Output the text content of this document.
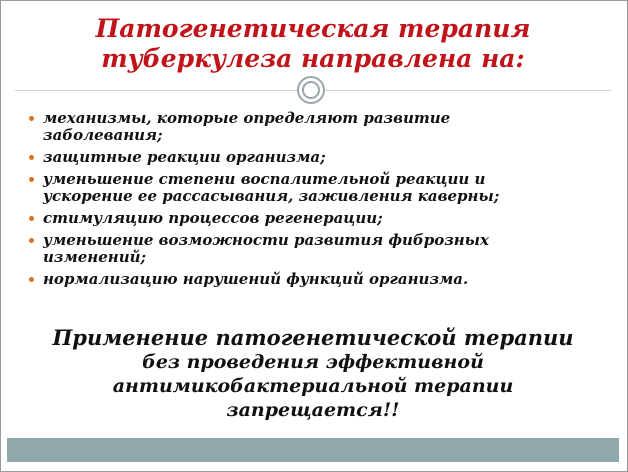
Патогенетическая терапия туберкулеза направлена на:
механизмы, которые определяют развитие заболевания;
защитные реакции организма;
уменьшение степени воспалительной реакции и ускорение ее рассасывания, заживления каверны;
стимуляцию процессов регенерации;
уменьшение возможности развития фиброзных изменений;
нормализацию нарушений функций организма.
Применение патогенетической терапии
без проведения эффективной антимикобактериальной терапии запрещается!!
